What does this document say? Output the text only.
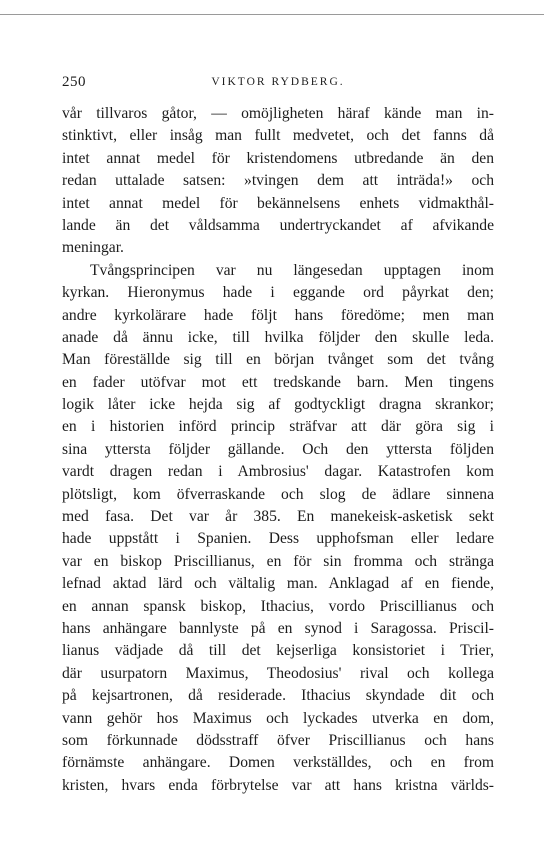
250	VIKTOR RYDBERG.
vår tillvaros gåtor, — omöjligheten häraf kände man in-
stinktivt, eller insåg man fullt medvetet, och det fanns då
intet annat medel för kristendomens utbredande än den
redan uttalade satsen: »tvingen dem att inträda!» och
intet annat medel för bekännelsens enhets vidmakthål-
lande än det våldsamma undertryckandet af afvikande
meningar.
Tvångsprincipen var nu längesedan upptagen inom
kyrkan. Hieronymus hade i eggande ord påyrkat den;
andre kyrkolärare hade följt hans föredöme; men man
anade då ännu icke, till hvilka följder den skulle leda.
Man föreställde sig till en början tvånget som det tvång
en fader utöfvar mot ett tredskande barn. Men tingens
logik låter icke hejda sig af godtyckligt dragna skrankor;
en i historien införd princip sträfvar att där göra sig i
sina yttersta följder gällande. Och den yttersta följden
vardt dragen redan i Ambrosius' dagar. Katastrofen kom
plötsligt, kom öfverraskande och slog de ädlare sinnena
med fasa. Det var år 385. En manekeisk-asketisk sekt
hade uppstått i Spanien. Dess upphofsman eller ledare
var en biskop Priscillianus, en för sin fromma och stränga
lefnad aktad lärd och vältalig man. Anklagad af en fiende,
en annan spansk biskop, Ithacius, vordo Priscillianus och
hans anhängare bannlyste på en synod i Saragossa. Priscil-
lianus vädjade då till det kejserliga konsistoriet i Trier,
där usurpatorn Maximus, Theodosius' rival och kollega
på kejsartronen, då residerade. Ithacius skyndade dit och
vann gehör hos Maximus och lyckades utverka en dom,
som förkunnade dödsstraff öfver Priscillianus och hans
förnämste anhängare. Domen verkställdes, och en from
kristen, hvars enda förbrytelse var att hans kristna världs-
